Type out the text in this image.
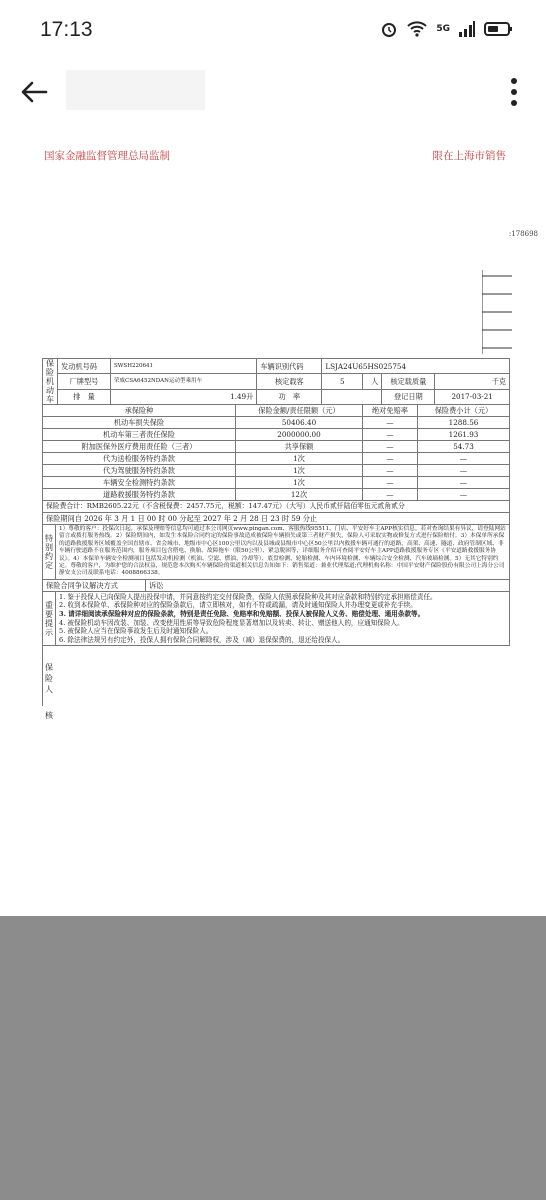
17:13	5G
国家金融监督管理总局监制	限在上海市销售
:178698
保险机动车	发动机号码	SWSH220641	车辆识别代码	LSJA24U65HS025754			
	厂牌型号	荣威CSA6452NDAN运动型乘用车	核定载客	5	人	核定载质量	千克
	排　量	1.49升	功　率			登记日期	2017-03-21
承保险种	保险金额/责任限额（元）	绝对免赔率	保险费小计（元）
机动车损失保险	50406.40	—	1288.56
机动车第三者责任保险	2000000.00	—	1261.93
附加医保外医疗费用责任险（三者）	共享保额	—	54.73
代为送检服务特约条款	1次	—	—
代为驾驶服务特约条款	1次	—	—
车辆安全检测特约条款	1次	—	—
道路救援服务特约条款	12次	—	—
保险费合计：RMB2605.22元（不含税保费：2457.75元，税额：147.47元）（大写）人民币贰仟陆佰零伍元贰角贰分			
保险期间自 2026 年 3 月 1 日 00 时 00 分起至 2027 年 2 月 28 日 23 时 59 分止			
特别约定	1）尊敬的客户：投保次日起，承保及理赔等信息均可通过本公司网页www.pingan.com、客服热线95511、门店、平安好车主APP核实信息。若对查询结果有异议，请登陆网站留言或拨打服务热线。2）保险期间内，如发生本保险合同约定的保险事故造成被保险车辆损失或第三者财产损失，保险人可采取实物或修复方式进行保险赔付。3）本保单所承保的道路救援服务区域覆盖全国直辖市、省会城市、地级市中心区100公里以内以及县城或县级市中心区50公里以内救援车辆可通行的道路，高架、高速、隧道、政府管制区域、非车辆行驶道路不在服务范围内，服务项目包含搭电、换胎、故障拖车（限50公里）、紧急脱困等，详细服务介绍可查阅平安好车主APP道路救援服务专区《平安道路救援服务协议》。4）本保单车辆安全检测项目包括发动机检测（机油、空滤、燃油、冷却等）、底盘检测、轮胎检测、车内环境检测、车辆综合安全检测、汽车玻璃检测。5）无其它特别约定。尊敬的客户，为维护您的合法权益，规范您本次购买车辆保险的渠道相关信息告知如下：销售渠道：兼业代理渠道;代理机构名称：中国平安财产保险股份有限公司上海分公司静安支公司及联系电话：4008866338。
保险合同争议解决方式	诉讼
重要提示	

1. 鉴于投保人已向保险人提出投保申请，并同意按约定交付保险费，保险人依照承保险种及其对应条款和特别约定承担赔偿责任。

2. 收到本保险单、承保险种对应的保险条款后，请立即核对，如有不符或疏漏，请及时通知保险人并办理变更或补充手续。

3. 请详细阅读承保险种对应的保险条款，特别是责任免除、免赔率和免赔额、投保人被保险人义务、赔偿处理、通用条款等。

4. 被保险机动车因改装、加装、改变使用性质等导致危险程度显著增加以及转卖、转让、赠送他人的，应通知保险人。

5. 被保险人应当在保险事故发生后及时通知保险人。

6. 除法律法规另有约定外，投保人拥有保险合同解除权，涉及（减）退保保费的，退还给投保人。

保险人
核
